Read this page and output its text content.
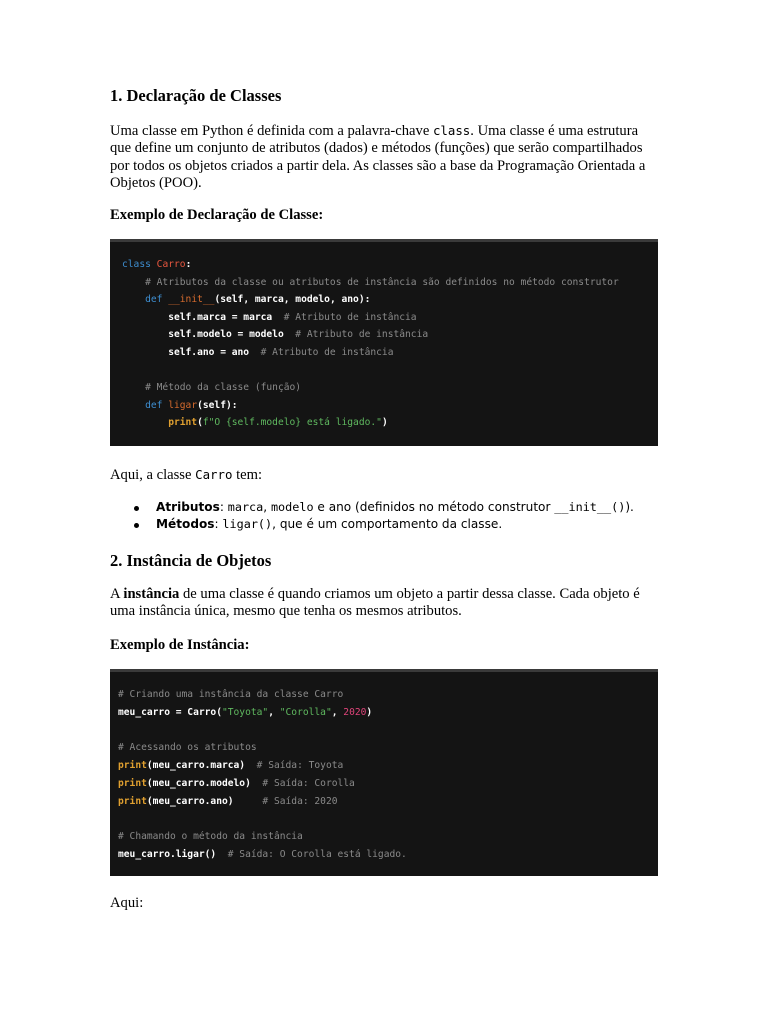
1. Declaração de Classes

Uma classe em Python é definida com a palavra-chave class. Uma classe é uma estrutura que define um conjunto de atributos (dados) e métodos (funções) que serão compartilhados por todos os objetos criados a partir dela. As classes são a base da Programação Orientada a Objetos (POO).

Exemplo de Declaração de Classe:

class Carro:
# Atributos da classe ou atributos de instância são definidos no método construtor
def __init__(self, marca, modelo, ano):
self.marca = marca  # Atributo de instância
self.modelo = modelo  # Atributo de instância
self.ano = ano  # Atributo de instância
# Método da classe (função)
def ligar(self):
print(f"O {self.modelo} está ligado.")

Aqui, a classe Carro tem:

Atributos: marca, modelo e ano (definidos no método construtor __init__()).
Métodos: ligar(), que é um comportamento da classe.
2. Instância de Objetos

A instância de uma classe é quando criamos um objeto a partir dessa classe. Cada objeto é uma instância única, mesmo que tenha os mesmos atributos.

Exemplo de Instância:

# Criando uma instância da classe Carro
meu_carro = Carro("Toyota", "Corolla", 2020)
# Acessando os atributos
print(meu_carro.marca)  # Saída: Toyota
print(meu_carro.modelo)  # Saída: Corolla
print(meu_carro.ano)     # Saída: 2020
# Chamando o método da instância
meu_carro.ligar()  # Saída: O Corolla está ligado.

Aqui:
